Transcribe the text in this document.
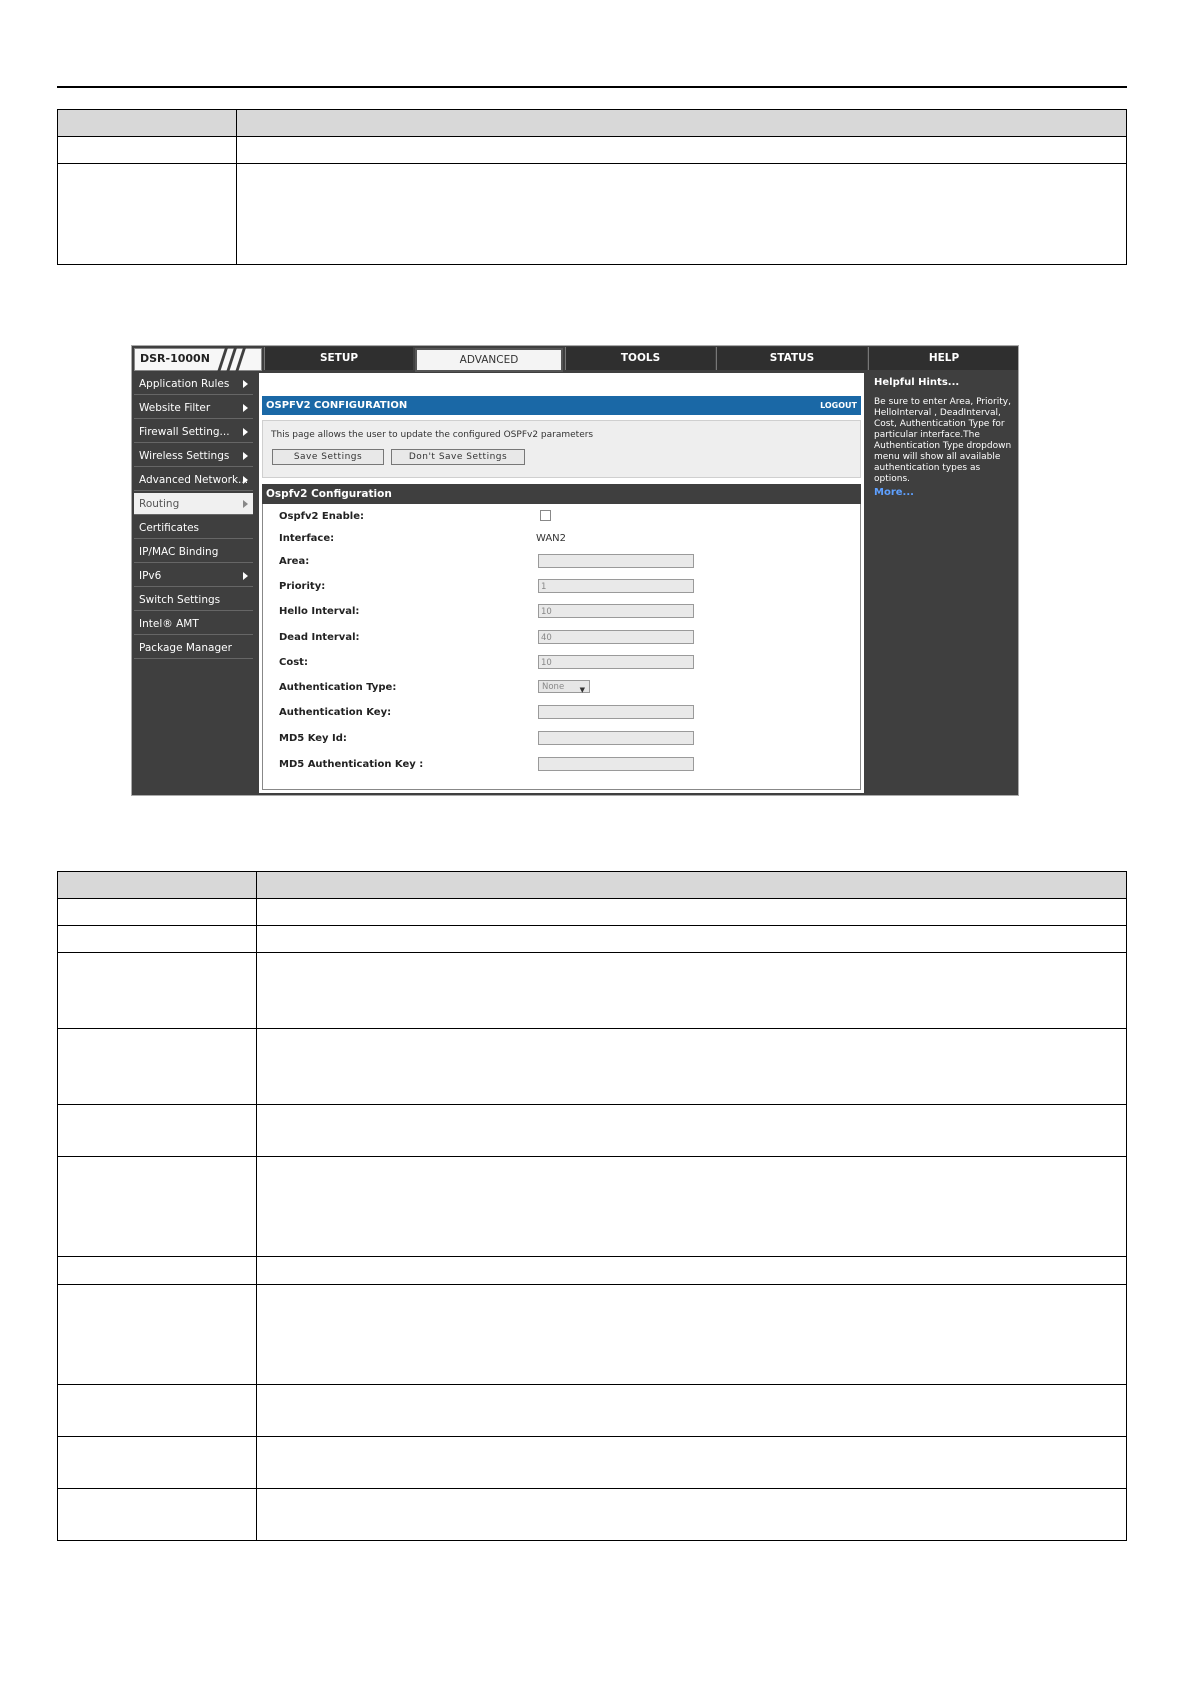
DSR-1000N	SETUP	ADVANCED	TOOLS	STATUS	HELP
Application Rules
Website Filter
Firewall Setting...
Wireless Settings
Advanced Network...
Routing
Certificates
IP/MAC Binding
IPv6
Switch Settings
Intel® AMT
Package Manager
OSPFV2 CONFIGURATION	LOGOUT
This page allows the user to update the configured OSPFv2 parameters
Save Settings	Don't Save Settings
Ospfv2 Configuration
Ospfv2 Enable:
Interface:	WAN2
Area:
Priority:	1
Hello Interval:	10
Dead Interval:	40
Cost:	10
Authentication Type:	None ▼
Authentication Key:
MD5 Key Id:
MD5 Authentication Key :
Helpful Hints...
Be sure to enter Area, Priority, HelloInterval , DeadInterval, Cost, Authentication Type for particular interface.The Authentication Type dropdown menu will show all available authentication types as options.
More...
